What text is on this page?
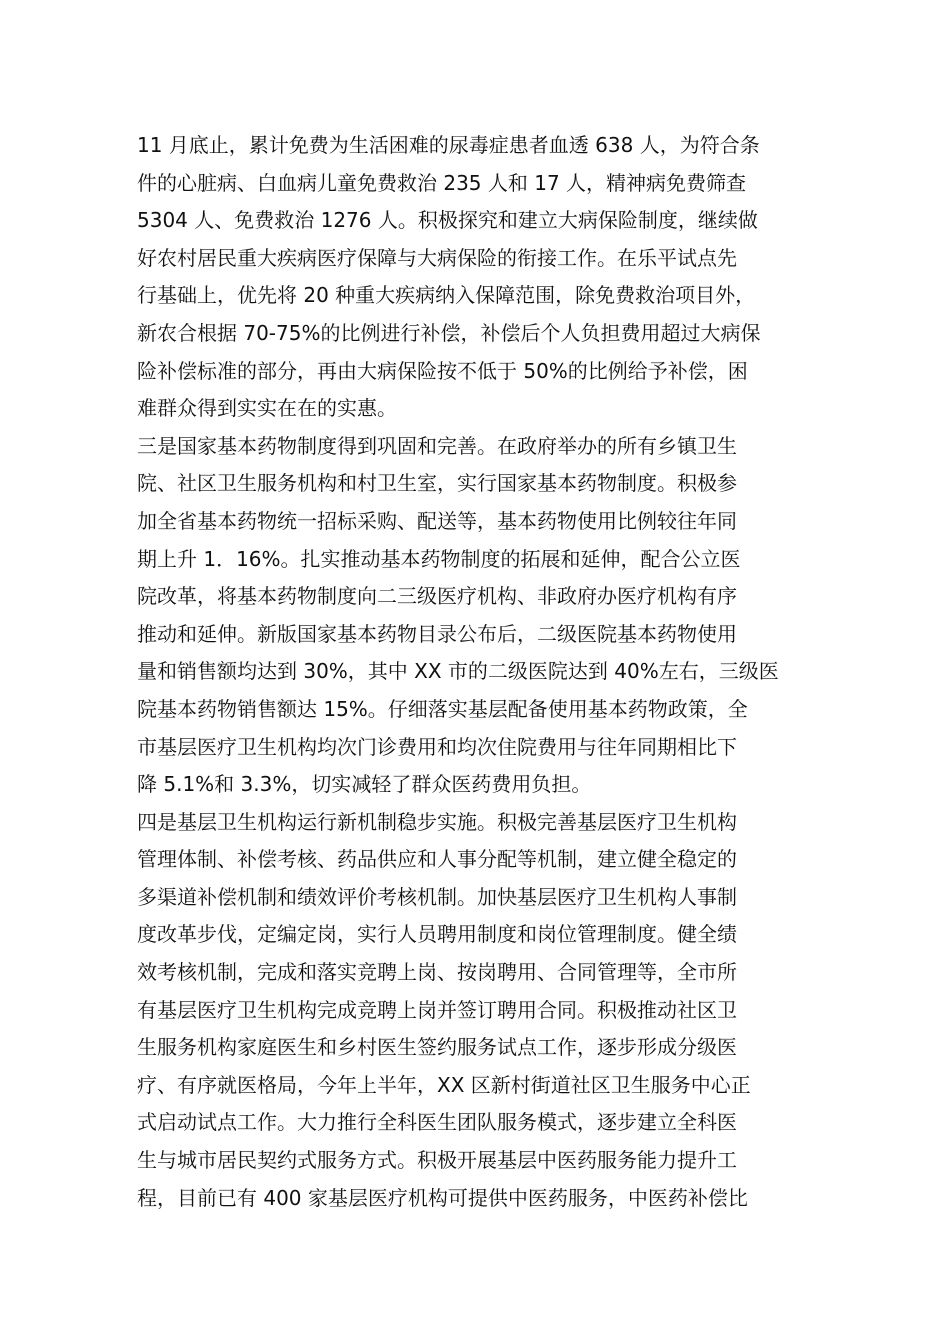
11 月底止，累计免费为生活困难的尿毒症患者血透 638 人，为符合条
件的心脏病、白血病儿童免费救治 235 人和 17 人，精神病免费筛查
5304 人、免费救治 1276 人。积极探究和建立大病保险制度，继续做
好农村居民重大疾病医疗保障与大病保险的衔接工作。在乐平试点先
行基础上，优先将 20 种重大疾病纳入保障范围，除免费救治项目外，
新农合根据 70-75%的比例进行补偿，补偿后个人负担费用超过大病保
险补偿标准的部分，再由大病保险按不低于 50%的比例给予补偿，困
难群众得到实实在在的实惠。
三是国家基本药物制度得到巩固和完善。在政府举办的所有乡镇卫生
院、社区卫生服务机构和村卫生室，实行国家基本药物制度。积极参
加全省基本药物统一招标采购、配送等，基本药物使用比例较往年同
期上升 1．16%。扎实推动基本药物制度的拓展和延伸，配合公立医
院改革，将基本药物制度向二三级医疗机构、非政府办医疗机构有序
推动和延伸。新版国家基本药物目录公布后，二级医院基本药物使用
量和销售额均达到 30%，其中 XX 市的二级医院达到 40%左右，三级医
院基本药物销售额达 15%。仔细落实基层配备使用基本药物政策，全
市基层医疗卫生机构均次门诊费用和均次住院费用与往年同期相比下
降 5.1%和 3.3%，切实减轻了群众医药费用负担。
四是基层卫生机构运行新机制稳步实施。积极完善基层医疗卫生机构
管理体制、补偿考核、药品供应和人事分配等机制，建立健全稳定的
多渠道补偿机制和绩效评价考核机制。加快基层医疗卫生机构人事制
度改革步伐，定编定岗，实行人员聘用制度和岗位管理制度。健全绩
效考核机制，完成和落实竞聘上岗、按岗聘用、合同管理等，全市所
有基层医疗卫生机构完成竞聘上岗并签订聘用合同。积极推动社区卫
生服务机构家庭医生和乡村医生签约服务试点工作，逐步形成分级医
疗、有序就医格局，今年上半年，XX 区新村街道社区卫生服务中心正
式启动试点工作。大力推行全科医生团队服务模式，逐步建立全科医
生与城市居民契约式服务方式。积极开展基层中医药服务能力提升工
程，目前已有 400 家基层医疗机构可提供中医药服务，中医药补偿比
